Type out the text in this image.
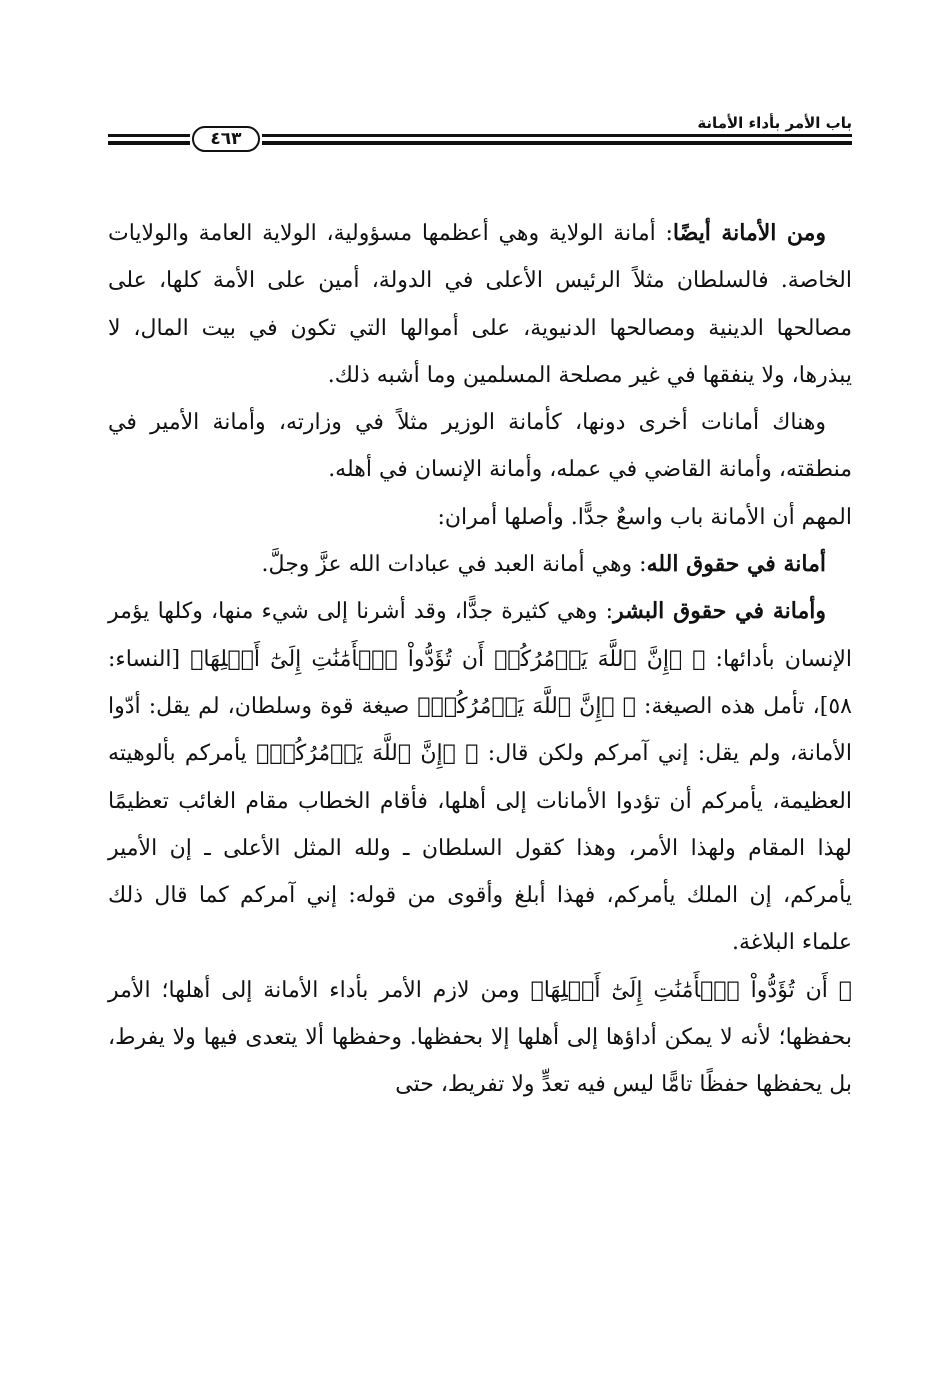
٤٦٣
باب الأمر بأداء الأمانة

ومن الأمانة أيضًا: أمانة الولاية وهي أعظمها مسؤولية، الولاية العامة والولايات الخاصة. فالسلطان مثلاً الرئيس الأعلى في الدولة، أمين على الأمة كلها، على مصالحها الدينية ومصالحها الدنيوية، على أموالها التي تكون في بيت المال، لا يبذرها، ولا ينفقها في غير مصلحة المسلمين وما أشبه ذلك.

وهناك أمانات أخرى دونها، كأمانة الوزير مثلاً في وزارته، وأمانة الأمير في منطقته، وأمانة القاضي في عمله، وأمانة الإنسان في أهله.

المهم أن الأمانة باب واسعٌ جدًّا. وأصلها أمران:

أمانة في حقوق الله: وهي أمانة العبد في عبادات الله عزَّ وجلَّ.

وأمانة في حقوق البشر: وهي كثيرة جدًّا، وقد أشرنا إلى شيء منها، وكلها يؤمر الإنسان بأدائها: ﴿ ۞إِنَّ ٱللَّهَ يَأۡمُرُكُمۡ أَن تُؤَدُّواْ ٱلۡأَمَٰنَٰتِ إِلَىٰٓ أَهۡلِهَا﴾ [النساء: ٥٨]، تأمل هذه الصيغة: ﴿ ۞إِنَّ ٱللَّهَ يَأۡمُرُكُمۡ﴾ صيغة قوة وسلطان، لم يقل: أدّوا الأمانة، ولم يقل: إني آمركم ولكن قال: ﴿ ۞إِنَّ ٱللَّهَ يَأۡمُرُكُمۡ﴾ يأمركم بألوهيته العظيمة، يأمركم أن تؤدوا الأمانات إلى أهلها، فأقام الخطاب مقام الغائب تعظيمًا لهذا المقام ولهذا الأمر، وهذا كقول السلطان ـ ولله المثل الأعلى ـ إن الأمير يأمركم، إن الملك يأمركم، فهذا أبلغ وأقوى من قوله: إني آمركم كما قال ذلك علماء البلاغة.

﴿ أَن تُؤَدُّواْ ٱلۡأَمَٰنَٰتِ إِلَىٰٓ أَهۡلِهَا﴾ ومن لازم الأمر بأداء الأمانة إلى أهلها؛ الأمر بحفظها؛ لأنه لا يمكن أداؤها إلى أهلها إلا بحفظها. وحفظها ألا يتعدى فيها ولا يفرط، بل يحفظها حفظًا تامًّا ليس فيه تعدٍّ ولا تفريط، حتى
